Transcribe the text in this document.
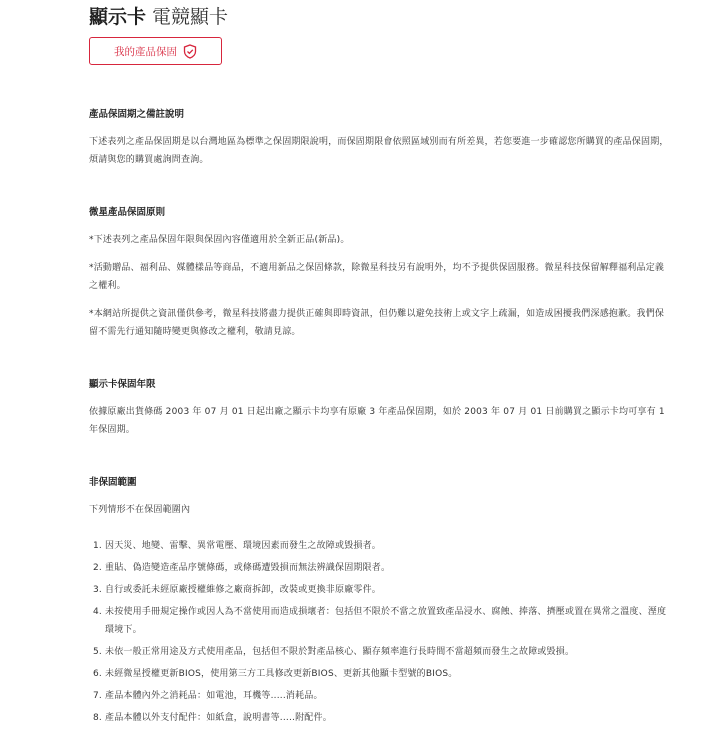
顯示卡 電競顯卡
我的產品保固
產品保固期之備註說明

下述表列之產品保固期是以台灣地區為標準之保固期限說明，而保固期限會依照區域別而有所差異，若您要進一步確認您所購買的產品保固期，煩請與您的購買處詢問查詢。

微星產品保固原則

*下述表列之產品保固年限與保固內容僅適用於全新正品(新品)。

*活動贈品、福利品、媒體樣品等商品，不適用新品之保固條款，除微星科技另有說明外，均不予提供保固服務。微星科技保留解釋福利品定義之權利。

*本網站所提供之資訊僅供參考，微星科技將盡力提供正確與即時資訊，但仍難以避免技術上或文字上疏漏，如造成困擾我們深感抱歉。我們保留不需先行通知隨時變更與修改之權利，敬請見諒。

顯示卡保固年限

依據原廠出貨條碼 2003 年 07 月 01 日起出廠之顯示卡均享有原廠 3 年產品保固期，如於 2003 年 07 月 01 日前購買之顯示卡均可享有 1 年保固期。

非保固範圍

下列情形不在保固範圍內

1. 因天災、地變、雷擊、異常電壓、環境因素而發生之故障或毀損者。
2. 重貼、偽造變造產品序號條碼，或條碼遭毀損而無法辨識保固期限者。
3. 自行或委託未經原廠授權維修之廠商拆卸，改裝或更換非原廠零件。
4. 未按使用手冊規定操作或因人為不當使用而造成損壞者：包括但不限於不當之放置致產品浸水、腐蝕、捧落、擠壓或置在異常之溫度、溼度環境下。
5. 未依一般正常用途及方式使用產品，包括但不限於對產品核心、顯存頻率進行長時間不當超頻而發生之故障或毀損。
6. 未經微星授權更新BIOS，使用第三方工具修改更新BIOS、更新其他顯卡型號的BIOS。
7. 產品本體內外之消耗品：如電池，耳機等.....消耗品。
8. 產品本體以外支付配件：如紙盒，說明書等.....附配件。
